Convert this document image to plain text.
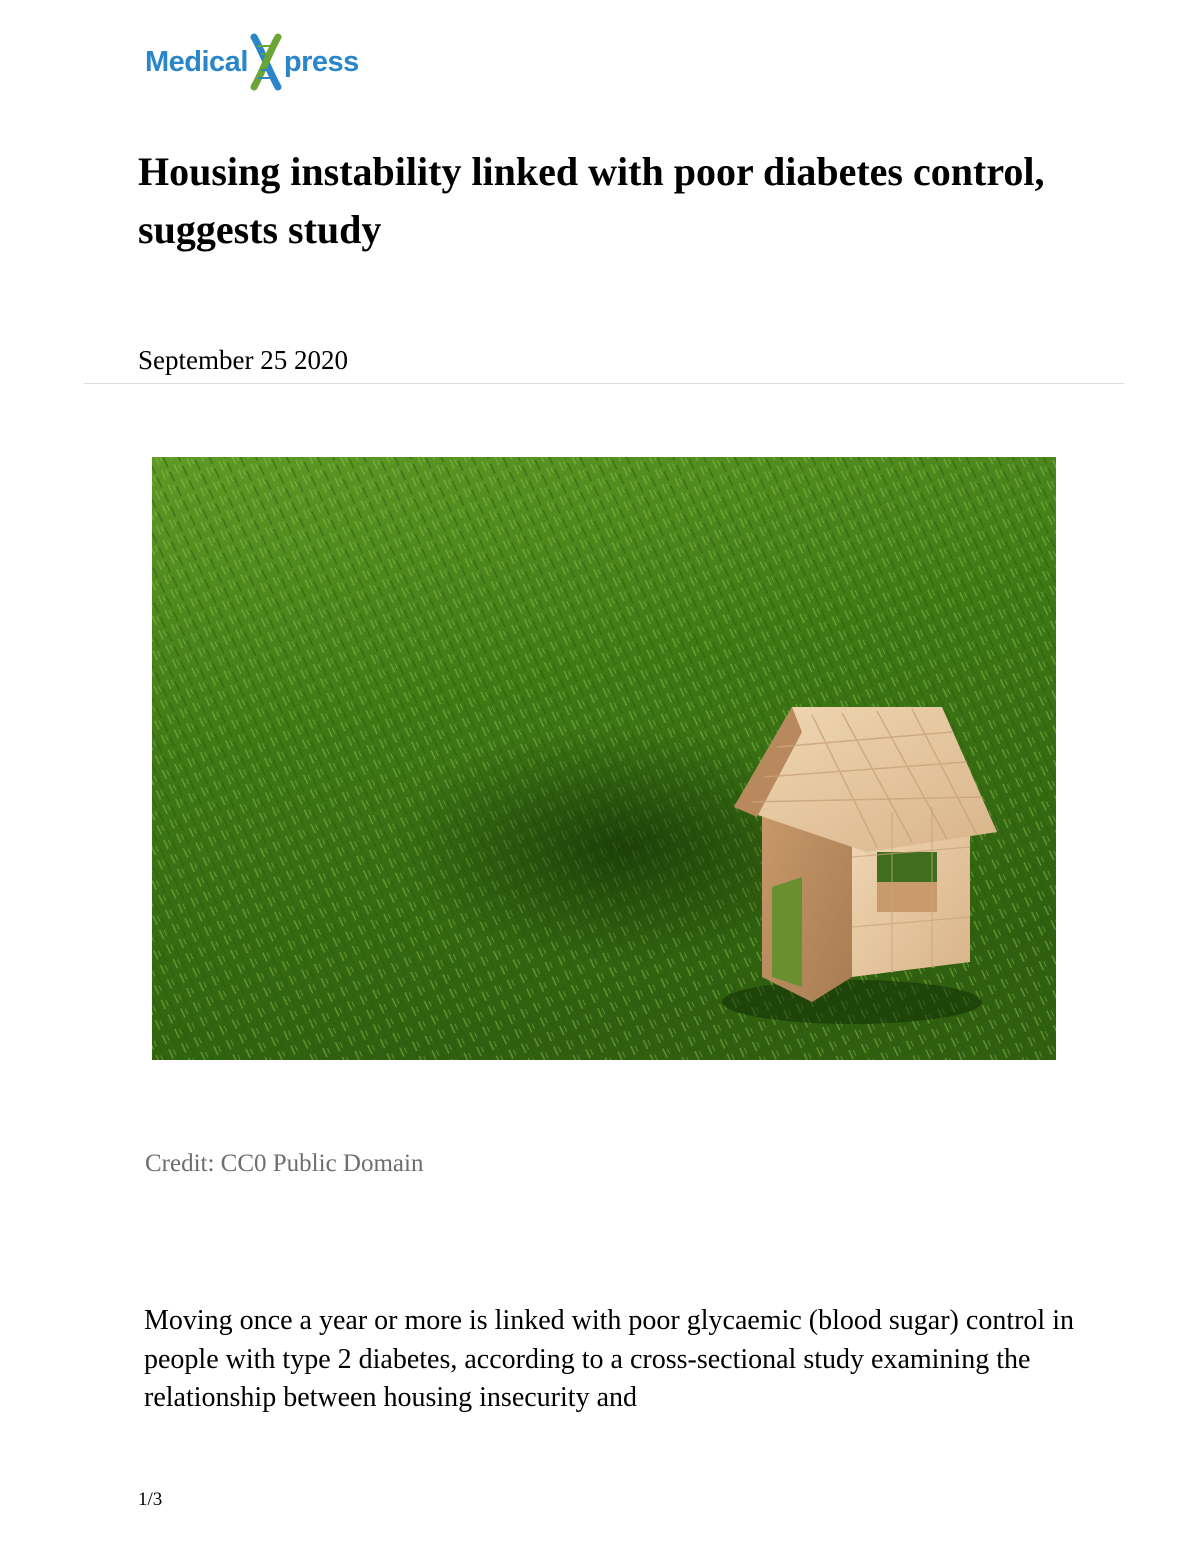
Medical press
Housing instability linked with poor diabetes control, suggests study

September 25 2020

Credit: CC0 Public Domain

Moving once a year or more is linked with poor glycaemic (blood sugar) control in people with type 2 diabetes, according to a cross-sectional study examining the relationship between housing insecurity and

1/3
